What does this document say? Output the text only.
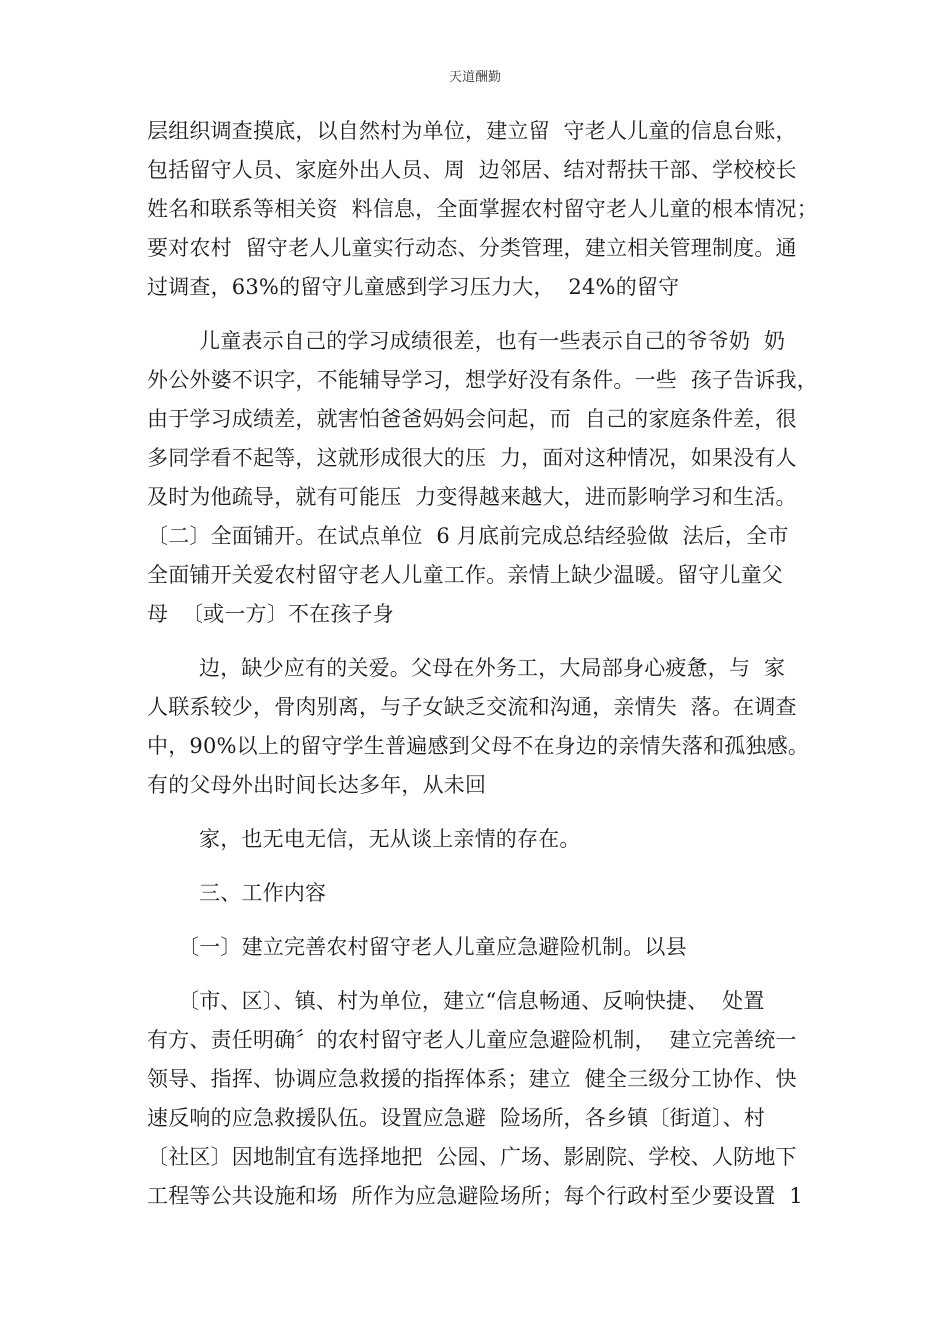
天道酬勤

层组织调查摸底，以自然村为单位，建立留  守老人儿童的信息台账，

包括留守人员、家庭外出人员、周  边邻居、结对帮扶干部、学校校长

姓名和联系等相关资  料信息，全面掌握农村留守老人儿童的根本情况；

要对农村  留守老人儿童实行动态、分类管理，建立相关管理制度。通

过调查，63%的留守儿童感到学习压力大，  24%的留守

儿童表示自己的学习成绩很差，也有一些表示自己的爷爷奶  奶

外公外婆不识字，不能辅导学习，想学好没有条件。一些  孩子告诉我，

由于学习成绩差，就害怕爸爸妈妈会问起，而  自己的家庭条件差，很

多同学看不起等，这就形成很大的压  力，面对这种情况，如果没有人

及时为他疏导，就有可能压  力变得越来越大，进而影响学习和生活。

〔二〕全面铺开。在试点单位  6 月底前完成总结经验做  法后，全市

全面铺开关爱农村留守老人儿童工作。亲情上缺少温暖。留守儿童父

母  〔或一方〕不在孩子身

边，缺少应有的关爱。父母在外务工，大局部身心疲惫，与  家

人联系较少，骨肉别离，与子女缺乏交流和沟通，亲情失  落。在调查

中，90%以上的留守学生普遍感到父母不在身边的亲情失落和孤独感。

有的父母外出时间长达多年，从未回

家，也无电无信，无从谈上亲情的存在。

三、工作内容

〔一〕建立完善农村留守老人儿童应急避险机制。以县

〔市、区〕、镇、村为单位，建立“信息畅通、反响快捷、  处置

有方、责任明确〞的农村留守老人儿童应急避险机制，  建立完善统一

领导、指挥、协调应急救援的指挥体系；建立  健全三级分工协作、快

速反响的应急救援队伍。设置应急避  险场所，各乡镇〔街道〕、村

〔社区〕因地制宜有选择地把  公园、广场、影剧院、学校、人防地下

工程等公共设施和场  所作为应急避险场所；每个行政村至少要设置  1
